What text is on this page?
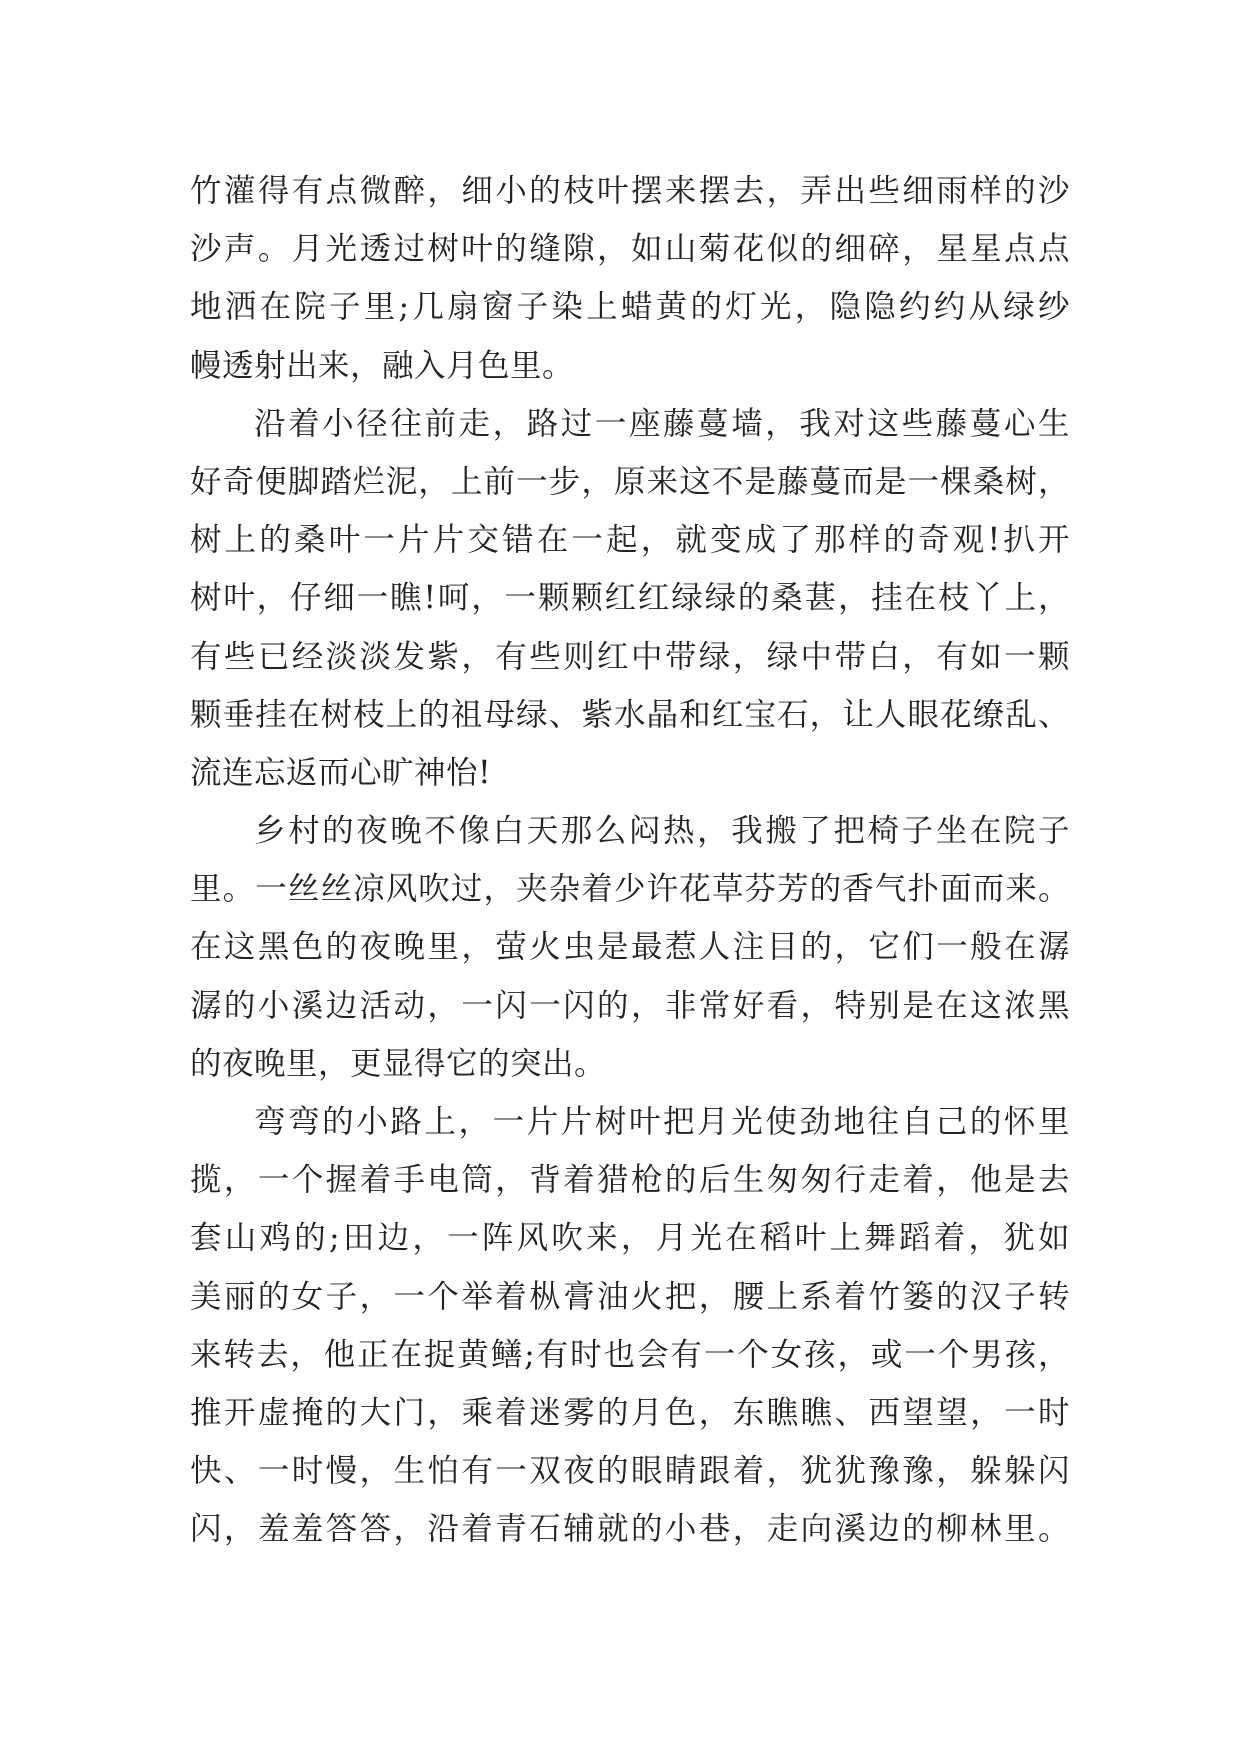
竹灌得有点微醉，细小的枝叶摆来摆去，弄出些细雨样的沙
沙声。月光透过树叶的缝隙，如山菊花似的细碎，星星点点
地洒在院子里;几扇窗子染上蜡黄的灯光，隐隐约约从绿纱
幔透射出来，融入月色里。
沿着小径往前走，路过一座藤蔓墙，我对这些藤蔓心生
好奇便脚踏烂泥，上前一步，原来这不是藤蔓而是一棵桑树，
树上的桑叶一片片交错在一起，就变成了那样的奇观!扒开
树叶，仔细一瞧!呵，一颗颗红红绿绿的桑葚，挂在枝丫上，
有些已经淡淡发紫，有些则红中带绿，绿中带白，有如一颗
颗垂挂在树枝上的祖母绿、紫水晶和红宝石，让人眼花缭乱、
流连忘返而心旷神怡!
乡村的夜晚不像白天那么闷热，我搬了把椅子坐在院子
里。一丝丝凉风吹过，夹杂着少许花草芬芳的香气扑面而来。
在这黑色的夜晚里，萤火虫是最惹人注目的，它们一般在潺
潺的小溪边活动，一闪一闪的，非常好看，特别是在这浓黑
的夜晚里，更显得它的突出。
弯弯的小路上，一片片树叶把月光使劲地往自己的怀里
揽，一个握着手电筒，背着猎枪的后生匆匆行走着，他是去
套山鸡的;田边，一阵风吹来，月光在稻叶上舞蹈着，犹如
美丽的女子，一个举着枞膏油火把，腰上系着竹篓的汉子转
来转去，他正在捉黄鳝;有时也会有一个女孩，或一个男孩，
推开虚掩的大门，乘着迷雾的月色，东瞧瞧、西望望，一时
快、一时慢，生怕有一双夜的眼睛跟着，犹犹豫豫，躲躲闪
闪，羞羞答答，沿着青石辅就的小巷，走向溪边的柳林里。
